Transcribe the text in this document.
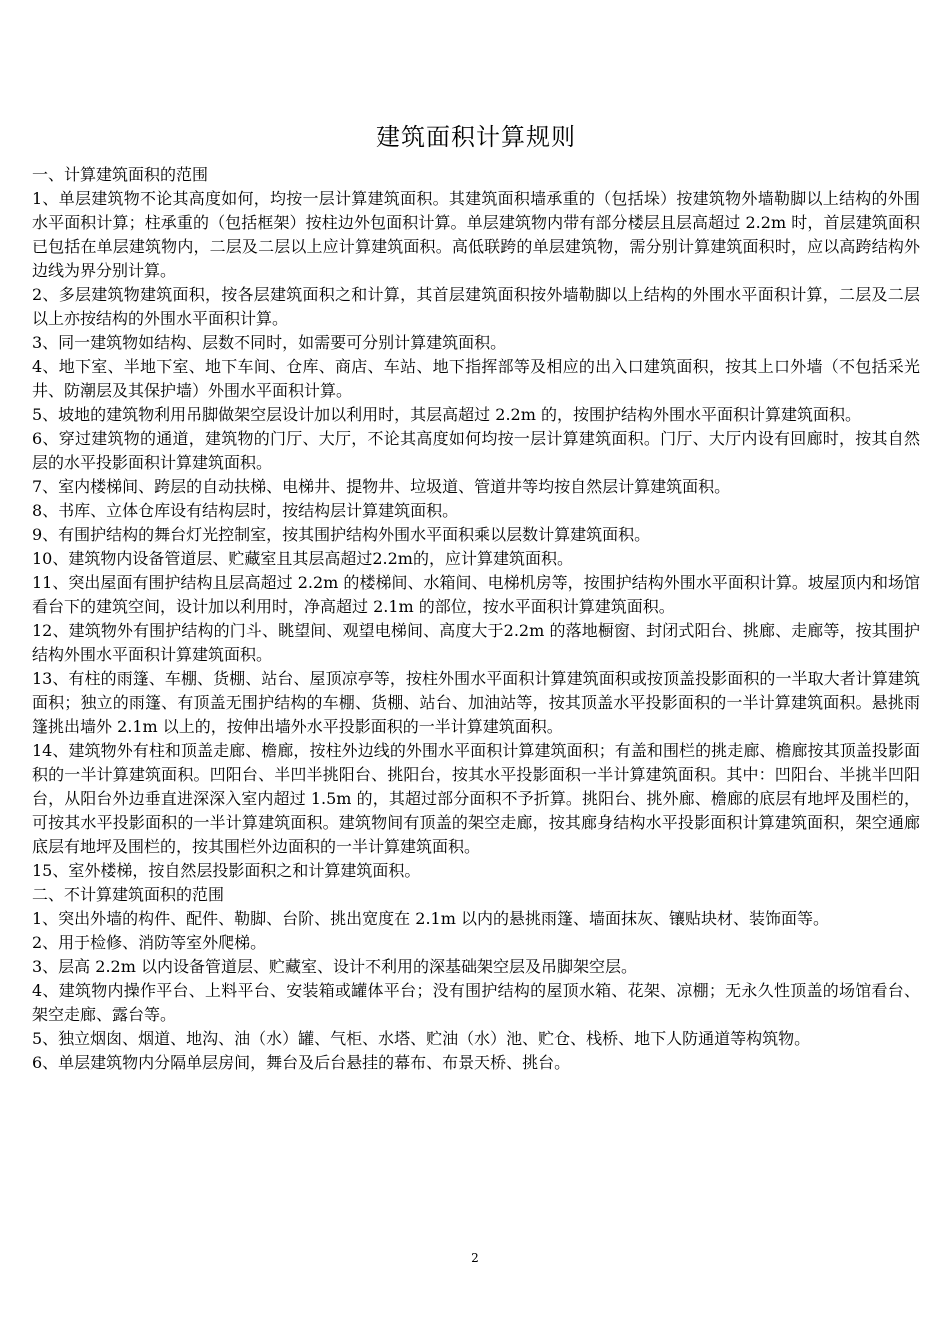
建筑面积计算规则

一、计算建筑面积的范围

1、单层建筑物不论其高度如何，均按一层计算建筑面积。其建筑面积墙承重的（包括垛）按建筑物外墙勒脚以上结构的外围水平面积计算；柱承重的（包括框架）按柱边外包面积计算。单层建筑物内带有部分楼层且层高超过 2.2m 时，首层建筑面积已包括在单层建筑物内，二层及二层以上应计算建筑面积。高低联跨的单层建筑物，需分别计算建筑面积时，应以高跨结构外边线为界分别计算。

2、多层建筑物建筑面积，按各层建筑面积之和计算，其首层建筑面积按外墙勒脚以上结构的外围水平面积计算，二层及二层以上亦按结构的外围水平面积计算。

3、同一建筑物如结构、层数不同时，如需要可分别计算建筑面积。

4、地下室、半地下室、地下车间、仓库、商店、车站、地下指挥部等及相应的出入口建筑面积，按其上口外墙（不包括采光井、防潮层及其保护墙）外围水平面积计算。

5、坡地的建筑物利用吊脚做架空层设计加以利用时，其层高超过 2.2m 的，按围护结构外围水平面积计算建筑面积。

6、穿过建筑物的通道，建筑物的门厅、大厅，不论其高度如何均按一层计算建筑面积。门厅、大厅内设有回廊时，按其自然层的水平投影面积计算建筑面积。

7、室内楼梯间、跨层的自动扶梯、电梯井、提物井、垃圾道、管道井等均按自然层计算建筑面积。

8、书库、立体仓库设有结构层时，按结构层计算建筑面积。

9、有围护结构的舞台灯光控制室，按其围护结构外围水平面积乘以层数计算建筑面积。

10、建筑物内设备管道层、贮藏室且其层高超过2.2m的，应计算建筑面积。

11、突出屋面有围护结构且层高超过 2.2m 的楼梯间、水箱间、电梯机房等，按围护结构外围水平面积计算。坡屋顶内和场馆看台下的建筑空间，设计加以利用时，净高超过 2.1m 的部位，按水平面积计算建筑面积。

12、建筑物外有围护结构的门斗、眺望间、观望电梯间、高度大于2.2m 的落地橱窗、封闭式阳台、挑廊、走廊等，按其围护结构外围水平面积计算建筑面积。

13、有柱的雨篷、车棚、货棚、站台、屋顶凉亭等，按柱外围水平面积计算建筑面积或按顶盖投影面积的一半取大者计算建筑面积；独立的雨篷、有顶盖无围护结构的车棚、货棚、站台、加油站等，按其顶盖水平投影面积的一半计算建筑面积。悬挑雨篷挑出墙外 2.1m 以上的，按伸出墙外水平投影面积的一半计算建筑面积。

14、建筑物外有柱和顶盖走廊、檐廊，按柱外边线的外围水平面积计算建筑面积；有盖和围栏的挑走廊、檐廊按其顶盖投影面积的一半计算建筑面积。凹阳台、半凹半挑阳台、挑阳台，按其水平投影面积一半计算建筑面积。其中：凹阳台、半挑半凹阳台，从阳台外边垂直进深深入室内超过 1.5m 的，其超过部分面积不予折算。挑阳台、挑外廊、檐廊的底层有地坪及围栏的，可按其水平投影面积的一半计算建筑面积。建筑物间有顶盖的架空走廊，按其廊身结构水平投影面积计算建筑面积，架空通廊底层有地坪及围栏的，按其围栏外边面积的一半计算建筑面积。

15、室外楼梯，按自然层投影面积之和计算建筑面积。

二、不计算建筑面积的范围

1、突出外墙的构件、配件、勒脚、台阶、挑出宽度在 2.1m 以内的悬挑雨篷、墙面抹灰、镶贴块材、装饰面等。

2、用于检修、消防等室外爬梯。

3、层高 2.2m 以内设备管道层、贮藏室、设计不利用的深基础架空层及吊脚架空层。

4、建筑物内操作平台、上料平台、安装箱或罐体平台；没有围护结构的屋顶水箱、花架、凉棚；无永久性顶盖的场馆看台、架空走廊、露台等。

5、独立烟囱、烟道、地沟、油（水）罐、气柜、水塔、贮油（水）池、贮仓、栈桥、地下人防通道等构筑物。

6、单层建筑物内分隔单层房间，舞台及后台悬挂的幕布、布景天桥、挑台。

2
